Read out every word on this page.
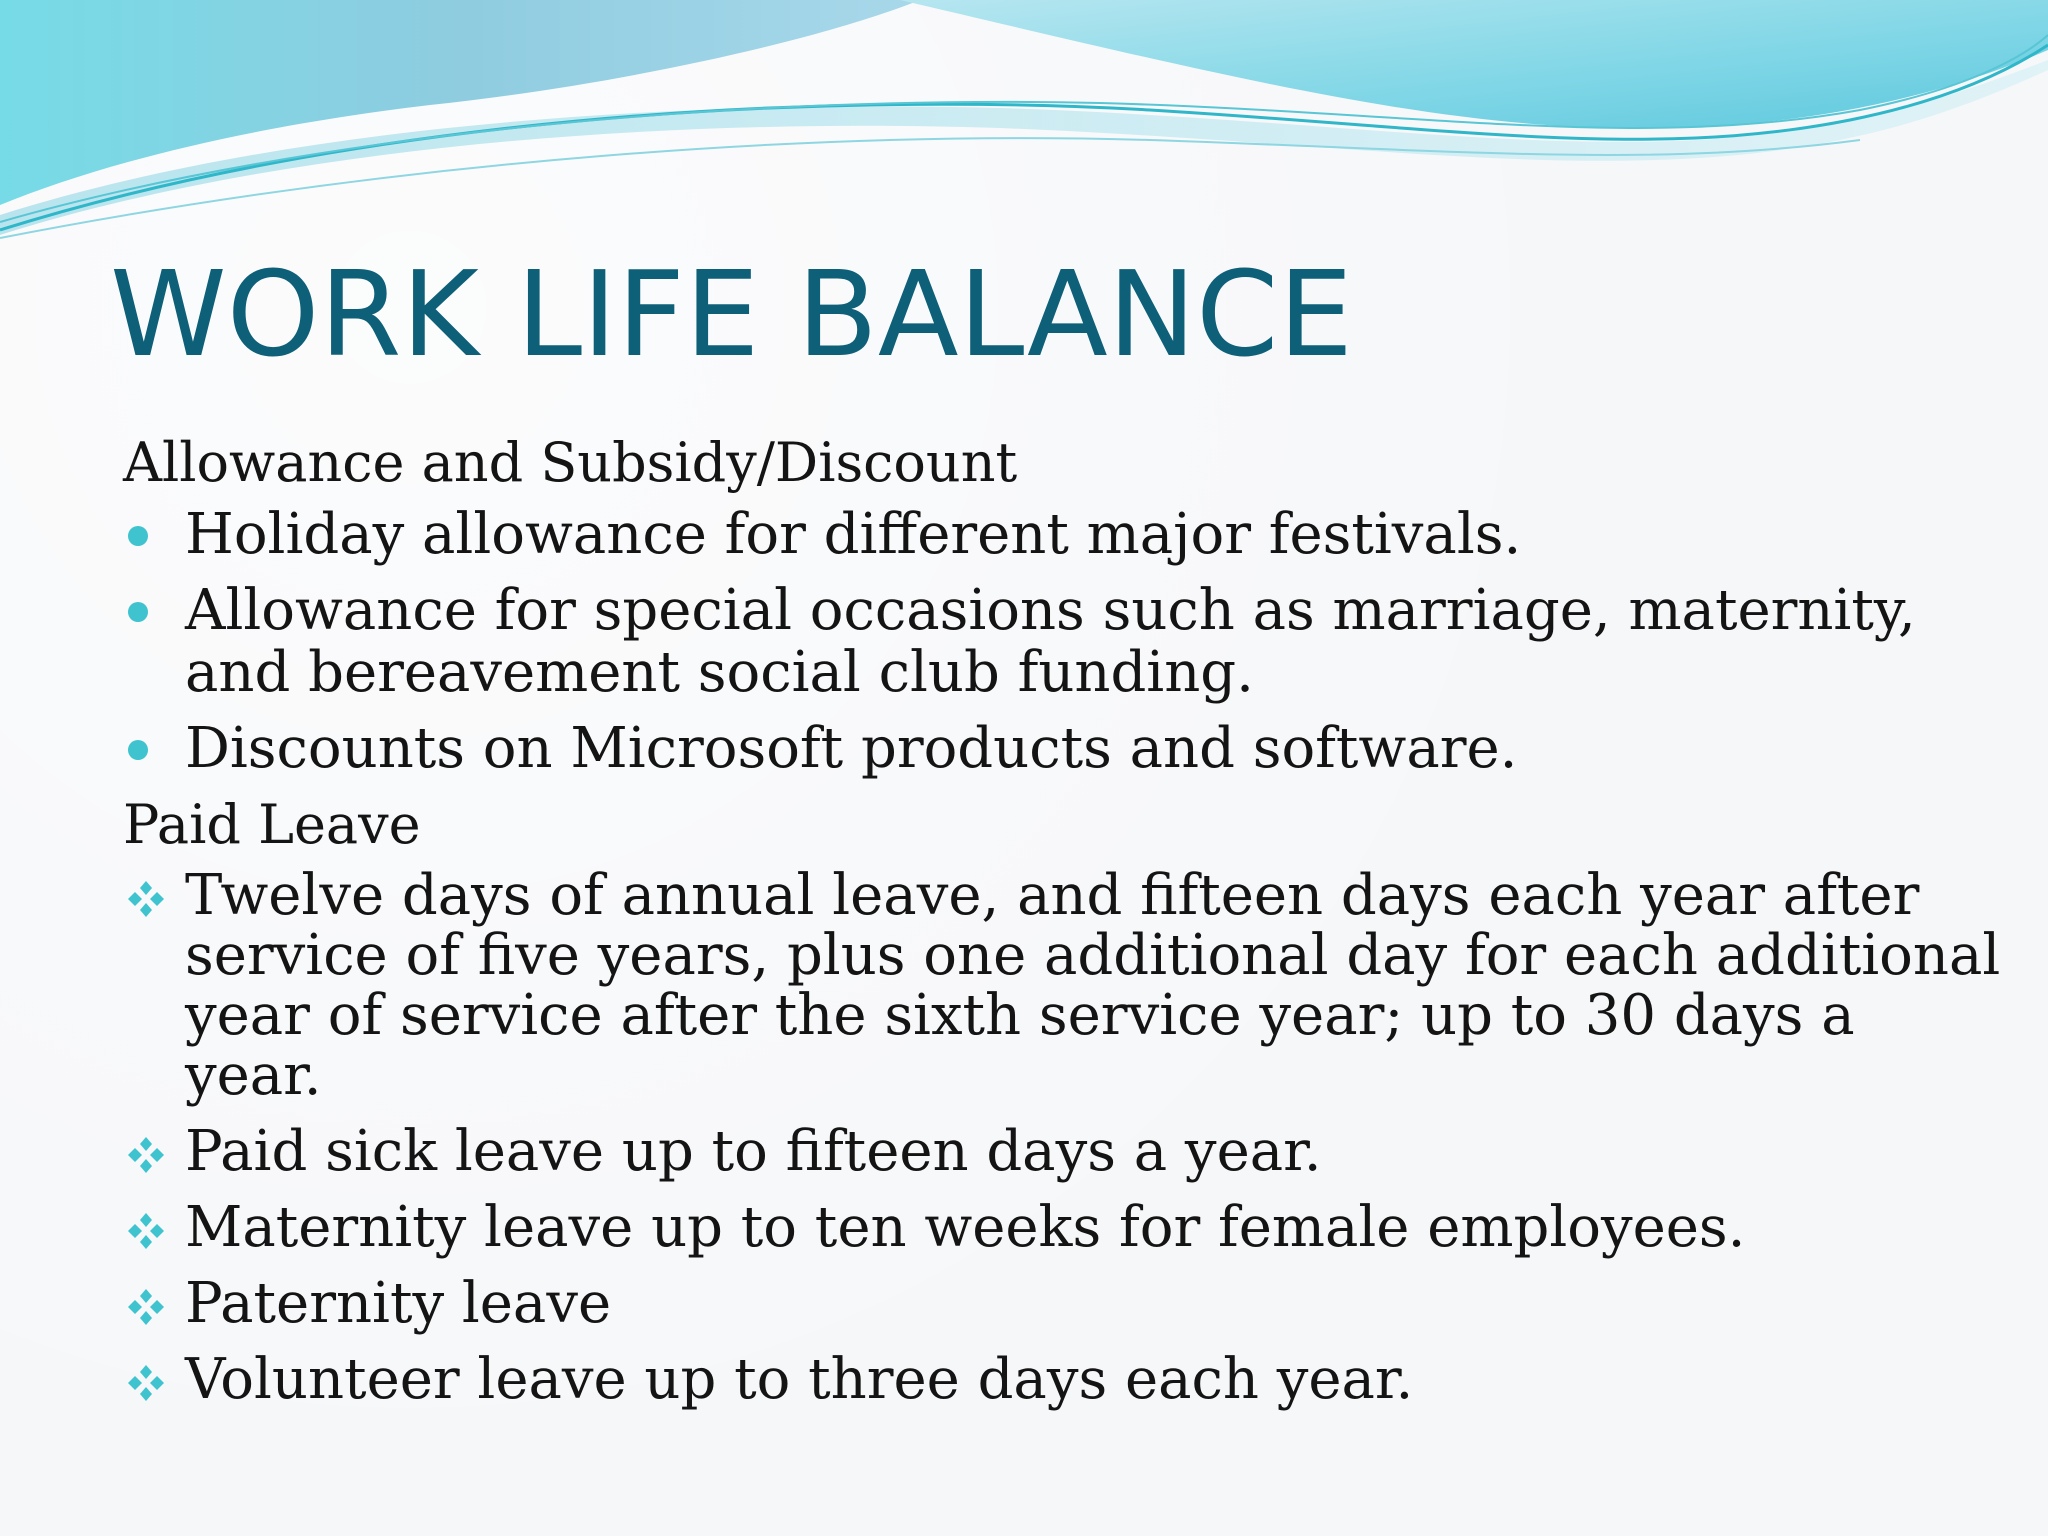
WORK LIFE BALANCE
Allowance and Subsidy/Discount
Holiday allowance for different major festivals.
Allowance for special occasions such as marriage, maternity, and bereavement social club funding.
Discounts on Microsoft products and software.
Paid Leave
Twelve days of annual leave, and fifteen days each year after service of five years, plus one additional day for each additional year of service after the sixth service year; up to 30 days a year.
Paid sick leave up to fifteen days a year.
Maternity leave up to ten weeks for female employees.
Paternity leave
Volunteer leave up to three days each year.
